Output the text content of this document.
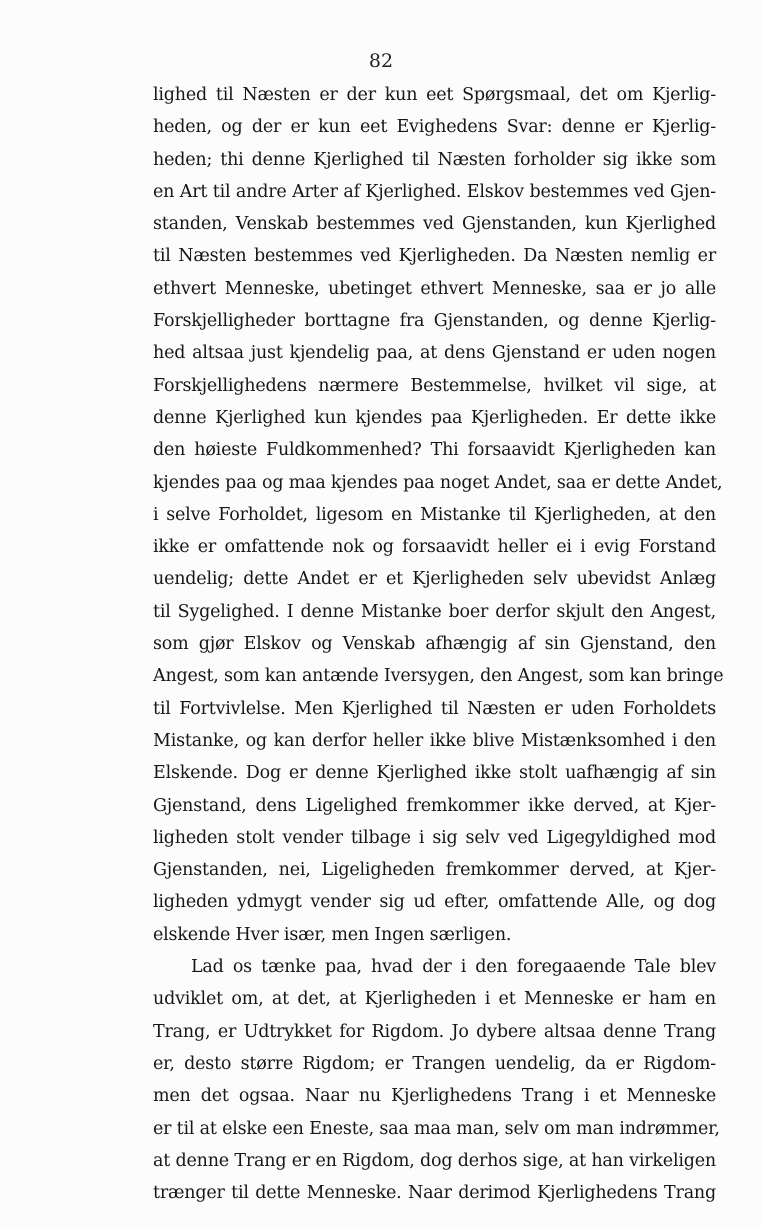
82
lighed til Næsten er der kun eet Spørgsmaal, det om Kjerlig-
heden, og der er kun eet Evighedens Svar: denne er Kjerlig-
heden; thi denne Kjerlighed til Næsten forholder sig ikke som
en Art til andre Arter af Kjerlighed. Elskov bestemmes ved Gjen-
standen, Venskab bestemmes ved Gjenstanden, kun Kjerlighed
til Næsten bestemmes ved Kjerligheden. Da Næsten nemlig er
ethvert Menneske, ubetinget ethvert Menneske, saa er jo alle
Forskjelligheder borttagne fra Gjenstanden, og denne Kjerlig-
hed altsaa just kjendelig paa, at dens Gjenstand er uden nogen
Forskjellighedens nærmere Bestemmelse, hvilket vil sige, at
denne Kjerlighed kun kjendes paa Kjerligheden. Er dette ikke
den høieste Fuldkommenhed? Thi forsaavidt Kjerligheden kan
kjendes paa og maa kjendes paa noget Andet, saa er dette Andet,
i selve Forholdet, ligesom en Mistanke til Kjerligheden, at den
ikke er omfattende nok og forsaavidt heller ei i evig Forstand
uendelig; dette Andet er et Kjerligheden selv ubevidst Anlæg
til Sygelighed. I denne Mistanke boer derfor skjult den Angest,
som gjør Elskov og Venskab afhængig af sin Gjenstand, den
Angest, som kan antænde Iversygen, den Angest, som kan bringe
til Fortvivlelse. Men Kjerlighed til Næsten er uden Forholdets
Mistanke, og kan derfor heller ikke blive Mistænksomhed i den
Elskende. Dog er denne Kjerlighed ikke stolt uafhængig af sin
Gjenstand, dens Ligelighed fremkommer ikke derved, at Kjer-
ligheden stolt vender tilbage i sig selv ved Ligegyldighed mod
Gjenstanden, nei, Ligeligheden fremkommer derved, at Kjer-
ligheden ydmygt vender sig ud efter, omfattende Alle, og dog
elskende Hver især, men Ingen særligen.
Lad os tænke paa, hvad der i den foregaaende Tale blev
udviklet om, at det, at Kjerligheden i et Menneske er ham en
Trang, er Udtrykket for Rigdom. Jo dybere altsaa denne Trang
er, desto større Rigdom; er Trangen uendelig, da er Rigdom-
men det ogsaa. Naar nu Kjerlighedens Trang i et Menneske
er til at elske een Eneste, saa maa man, selv om man indrømmer,
at denne Trang er en Rigdom, dog derhos sige, at han virkeligen
trænger til dette Menneske. Naar derimod Kjerlighedens Trang
